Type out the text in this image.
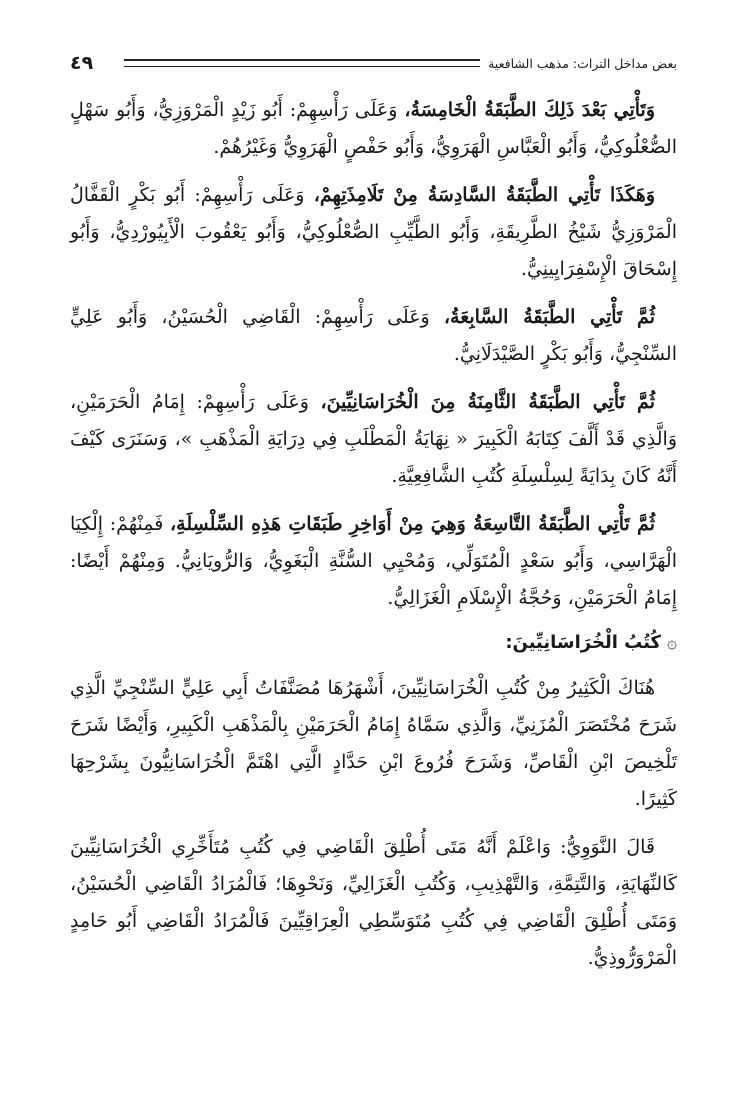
٤٩	بعض مداخل التراث: مذهب الشافعية

وَتَأْتِي بَعْدَ ذَلِكَ الطَّبَقَةُ الْخَامِسَةُ، وَعَلَى رَأْسِهِمْ: أَبُو زَيْدٍ الْمَرْوَزِيُّ، وَأَبُو سَهْلٍ الصُّعْلُوكِيُّ، وَأَبُو الْعَبَّاسِ الْهَرَوِيُّ، وَأَبُو حَفْصٍ الْهَرَوِيُّ وَغَيْرُهُمْ.

وَهَكَذَا تَأْتِي الطَّبَقَةُ السَّادِسَةُ مِنْ تَلَامِذَتِهِمْ، وَعَلَى رَأْسِهِمْ: أَبُو بَكْرٍ الْقَفَّالُ الْمَرْوَزِيُّ شَيْخُ الطَّرِيقَةِ، وَأَبُو الطَّيِّبِ الصُّعْلُوكِيُّ، وَأَبُو يَعْقُوبَ الْأَبِيُورْدِيُّ، وَأَبُو إِسْحَاقَ الْإِسْفِرَايِينِيُّ.

ثُمَّ تَأْتِي الطَّبَقَةُ السَّابِعَةُ، وَعَلَى رَأْسِهِمْ: الْقَاضِي الْحُسَيْنُ، وَأَبُو عَلِيٍّ السِّنْجِيُّ، وَأَبُو بَكْرٍ الصَّيْدَلَانِيُّ.

ثُمَّ تَأْتِي الطَّبَقَةُ الثَّامِنَةُ مِنَ الْخُرَاسَانِيِّينَ، وَعَلَى رَأْسِهِمْ: إِمَامُ الْحَرَمَيْنِ، وَالَّذِي قَدْ أَلَّفَ كِتَابَهُ الْكَبِيرَ « نِهَايَةُ الْمَطْلَبِ فِي دِرَايَةِ الْمَذْهَبِ »، وَسَنَرَى كَيْفَ أَنَّهُ كَانَ بِدَايَةً لِسِلْسِلَةِ كُتُبِ الشَّافِعِيَّةِ.

ثُمَّ تَأْتِي الطَّبَقَةُ التَّاسِعَةُ وَهِيَ مِنْ أَوَاخِرِ طَبَقَاتِ هَذِهِ السِّلْسِلَةِ، فَمِنْهُمْ: إِلْكِيَا الْهَرَّاسِي، وَأَبُو سَعْدٍ الْمُتَوَلِّي، وَمُحْيِي السُّنَّةِ الْبَغَوِيُّ، وَالرُّويَانِيُّ. وَمِنْهُمْ أَيْضًا: إِمَامُ الْحَرَمَيْنِ، وَحُجَّةُ الْإِسْلَامِ الْغَزَالِيُّ.

۞
كُتُبُ الْخُرَاسَانِيِّينَ:

هُنَاكَ الْكَثِيرُ مِنْ كُتُبِ الْخُرَاسَانِيِّينَ، أَشْهَرُهَا مُصَنَّفَاتُ أَبِي عَلِيٍّ السِّنْجِيِّ الَّذِي شَرَحَ مُخْتَصَرَ الْمُزَنِيِّ، وَالَّذِي سَمَّاهُ إِمَامُ الْحَرَمَيْنِ بِالْمَذْهَبِ الْكَبِيرِ، وَأَيْضًا شَرَحَ تَلْخِيصَ ابْنِ الْقَاصِّ، وَشَرَحَ فُرُوعَ ابْنِ حَدَّادٍ الَّتِي اهْتَمَّ الْخُرَاسَانِيُّونَ بِشَرْحِهَا كَثِيرًا.

قَالَ النَّوَوِيُّ: وَاعْلَمْ أَنَّهُ مَتَى أُطْلِقَ الْقَاضِي فِي كُتُبِ مُتَأَخِّرِي الْخُرَاسَانِيِّينَ كَالنِّهَايَةِ، وَالتَّتِمَّةِ، وَالتَّهْذِيبِ، وَكُتُبِ الْغَزَالِيِّ، وَنَحْوِهَا؛ فَالْمُرَادُ الْقَاضِي الْحُسَيْنُ، وَمَتَى أُطْلِقَ الْقَاضِي فِي كُتُبِ مُتَوَسِّطِي الْعِرَاقِيِّينَ فَالْمُرَادُ الْقَاضِي أَبُو حَامِدٍ الْمَرْوَرُّوذِيُّ.
